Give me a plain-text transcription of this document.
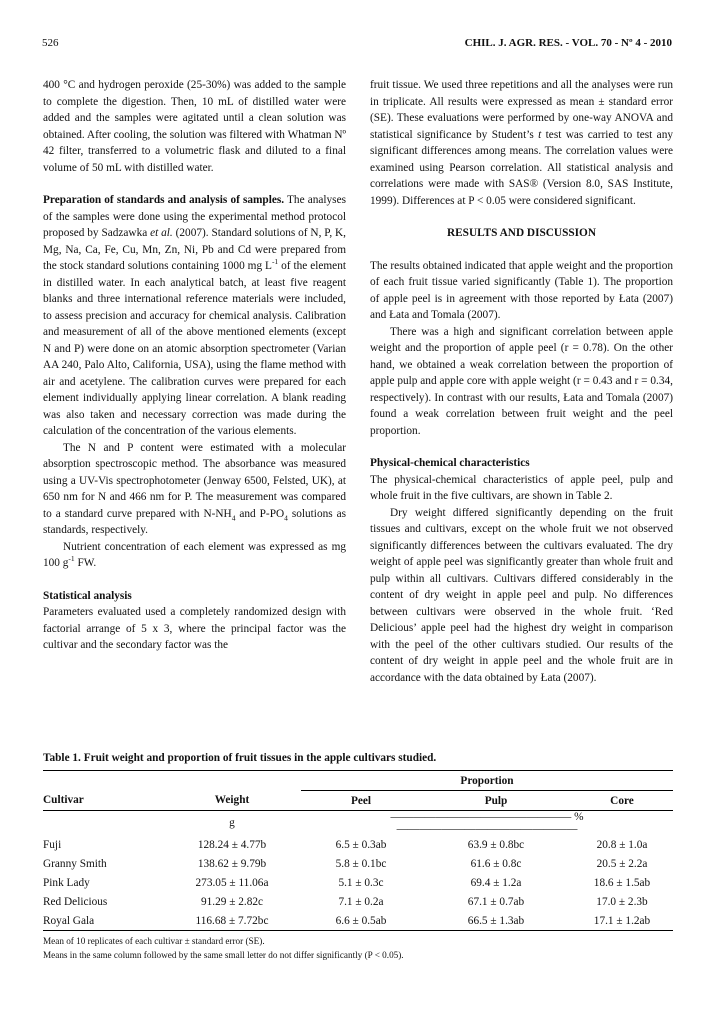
526	CHIL. J. AGR. RES. - VOL. 70 - Nº 4 - 2010

400 °C and hydrogen peroxide (25-30%) was added to the sample to complete the digestion. Then, 10 mL of distilled water were added and the samples were agitated until a clean solution was obtained. After cooling, the solution was filtered with Whatman Nº 42 filter, transferred to a volumetric flask and diluted to a final volume of 50 mL with distilled water.

Preparation of standards and analysis of samples. The analyses of the samples were done using the experimental method protocol proposed by Sadzawka et al. (2007). Standard solutions of N, P, K, Mg, Na, Ca, Fe, Cu, Mn, Zn, Ni, Pb and Cd were prepared from the stock standard solutions containing 1000 mg $L^{-1}$ of the element in distilled water. In each analytical batch, at least five reagent blanks and three international reference materials were included, to assess precision and accuracy for chemical analysis. Calibration and measurement of all of the above mentioned elements (except N and P) were done on an atomic absorption spectrometer (Varian AA 240, Palo Alto, California, USA), using the flame method with air and acetylene. The calibration curves were prepared for each element individually applying linear correlation. A blank reading was also taken and necessary correction was made during the calculation of the concentration of the various elements.

The N and P content were estimated with a molecular absorption spectroscopic method. The absorbance was measured using a UV-Vis spectrophotometer (Jenway 6500, Felsted, UK), at 650 nm for N and 466 nm for P. The measurement was compared to a standard curve prepared with $N-NH_4$ and $P-PO_4$ solutions as standards, respectively.

Nutrient concentration of each element was expressed as mg 100 $g^{-1}$ FW.

Statistical analysis

Parameters evaluated used a completely randomized design with factorial arrange of 5 x 3, where the principal factor was the cultivar and the secondary factor was the

fruit tissue. We used three repetitions and all the analyses were run in triplicate. All results were expressed as mean ± standard error (SE). These evaluations were performed by one-way ANOVA and statistical significance by Student’s t test was carried to test any significant differences among means. The correlation values were examined using Pearson correlation. All statistical analysis and correlations were made with SAS® (Version 8.0, SAS Institute, 1999). Differences at P < 0.05 were considered significant.

RESULTS AND DISCUSSION

The results obtained indicated that apple weight and the proportion of each fruit tissue varied significantly (Table 1). The proportion of apple peel is in agreement with those reported by Łata (2007) and Łata and Tomala (2007).

There was a high and significant correlation between apple weight and the proportion of apple peel (r = 0.78). On the other hand, we obtained a weak correlation between the proportion of apple pulp and apple core with apple weight (r = 0.43 and r = 0.34, respectively). In contrast with our results, Łata and Tomala (2007) found a weak correlation between fruit weight and the peel proportion.

Physical-chemical characteristics

The physical-chemical characteristics of apple peel, pulp and whole fruit in the five cultivars, are shown in Table 2.

Dry weight differed significantly depending on the fruit tissues and cultivars, except on the whole fruit we not observed significantly differences between the cultivars evaluated. The dry weight of apple peel was significantly greater than whole fruit and pulp within all cultivars. Cultivars differed considerably in the content of dry weight in apple peel and pulp. No differences between cultivars were observed in the whole fruit. ‘Red Delicious’ apple peel had the highest dry weight in comparison with the peel of the other cultivars studied. Our results of the content of dry weight in apple peel and the whole fruit are in accordance with the data obtained by Łata (2007).

Table 1. Fruit weight and proportion of fruit tissues in the apple cultivars studied.
		Proportion		
Cultivar	Weight	Peel	Pulp	Core
	g	———————————————— % ————————————————		
Fuji	128.24 ± 4.77b	6.5 ± 0.3ab	63.9 ± 0.8bc	20.8 ± 1.0a
Granny Smith	138.62 ± 9.79b	5.8 ± 0.1bc	61.6 ± 0.8c	20.5 ± 2.2a
Pink Lady	273.05 ± 11.06a	5.1 ± 0.3c	69.4 ± 1.2a	18.6 ± 1.5ab
Red Delicious	91.29 ± 2.82c	7.1 ± 0.2a	67.1 ± 0.7ab	17.0 ± 2.3b
Royal Gala	116.68 ± 7.72bc	6.6 ± 0.5ab	66.5 ± 1.3ab	17.1 ± 1.2ab

Mean of 10 replicates of each cultivar ± standard error (SE).

Means in the same column followed by the same small letter do not differ significantly (P < 0.05).
